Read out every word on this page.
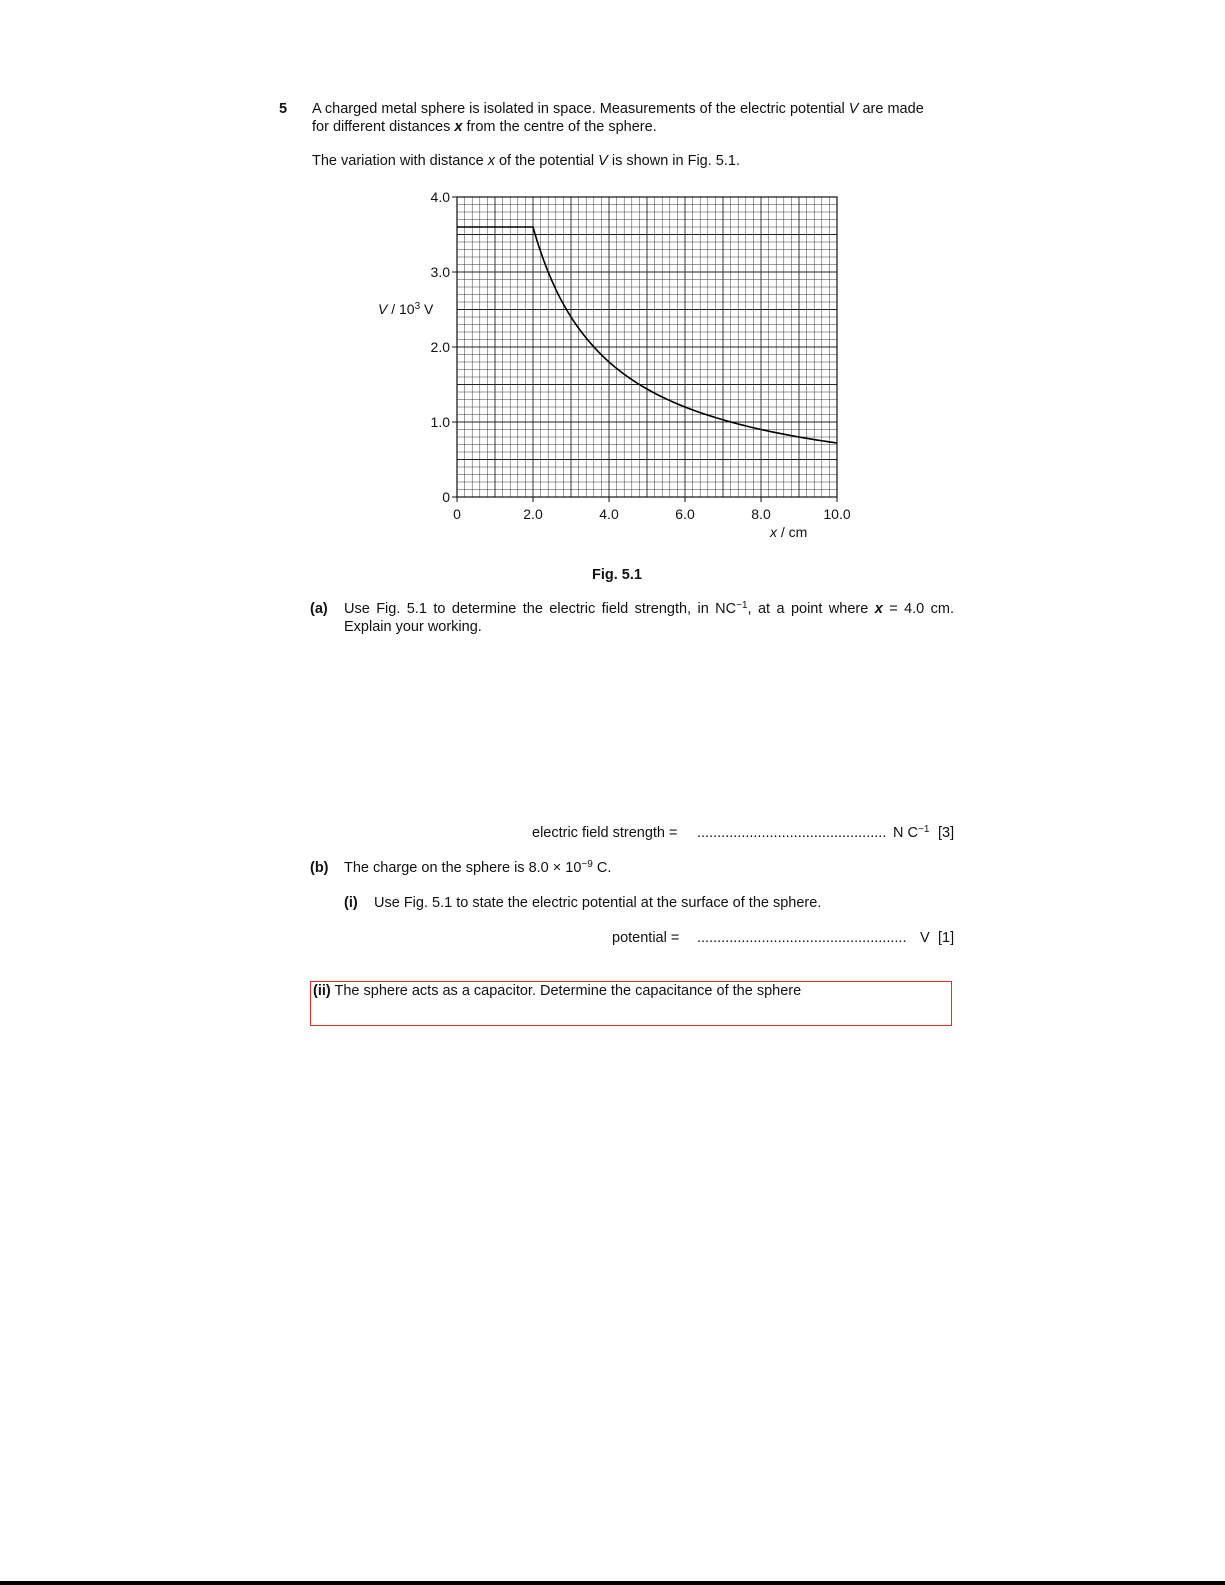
5 A charged metal sphere is isolated in space. Measurements of the electric potential V are made
for different distances x from the centre of the sphere.
The variation with distance x of the potential V is shown in Fig. 5.1.
0
1.0
2.0
3.0
4.0
0	2.0	4.0	6.0	8.0	10.0
V / $10^3$ V
x / cm
Fig. 5.1
(a) Use Fig. 5.1 to determine the electric field strength, in $NC^{-1}$, at a point where x = 4.0 cm.
Explain your working.
electric field strength = ............................................... N $C^{-1}$ [3]
(b) The charge on the sphere is $8.0 \times 10^{-9}$ C.
(i) Use Fig. 5.1 to state the electric potential at the surface of the sphere.
potential = .................................................... V [1]
(ii) The sphere acts as a capacitor. Determine the capacitance of the sphere
